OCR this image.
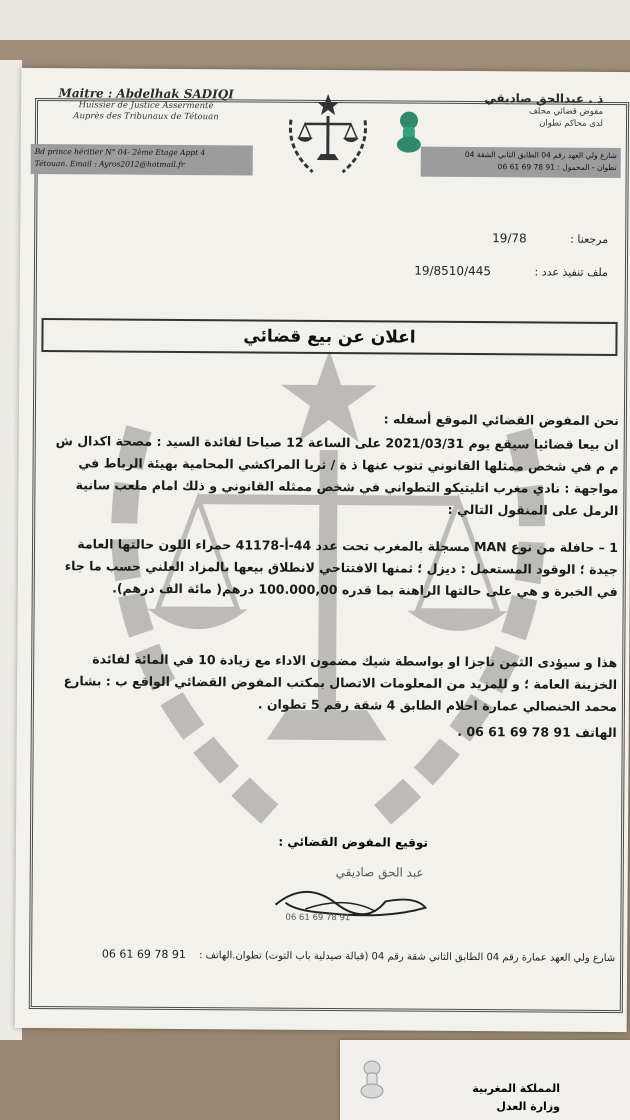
Maitre : Abdelhak SADIQI
Huissier de Justice Assermenté
Auprès des Tribunaux de Tétouan
Bd prince héritier N° 04- 2ème Etage Appt 4
Tétouan. Email : Ayros2012@hotmail.fr
ذ . عبدالحق صاديقي
مفوض قضائي محلف
لدى محاكم تطوان
شارع ولي العهد رقم 04 الطابق الثاني الشقة 04
تطوان - المحمول : 91 78 69 61 06
مرجعنا : 19/78
ملف تنفيذ عدد : 19/8510/445
اعلان عن بيع قضائي
نحن المفوض القضائي الموقع أسفله :
ان بيعا قضائيا سيقع يوم 2021/03/31 على الساعة 12 صباحا لفائدة السيد : مصحة اكدال ش م م في شخص ممثلها القانوني تنوب عنها ذ ة / ثريا المراكشي المحامية بهيئة الرباط في مواجهة : نادي مغرب اتليتيكو التطواني في شخص ممثله القانوني و ذلك امام ملعب سانية الرمل على المنقول التالي :
1 – حافلة من نوع MAN مسجلة بالمغرب تحت عدد 44-أ-41178 حمراء اللون حالتها العامة جيدة ؛ الوقود المستعمل : ديزل ؛ ثمنها الافتتاحي لانطلاق بيعها بالمزاد العلني حسب ما جاء في الخبرة و هي على حالتها الراهنة بما قدره 100.000,00 درهم( مائة الف درهم).
هذا و سيؤدى الثمن ناجزا او بواسطة شيك مضمون الاداء مع زيادة 10 في المائة لفائدة الخزينة العامة ؛ و للمزيد من المعلومات الاتصال بمكتب المفوض القضائي الواقع ب : بشارع محمد الحنصالي عمارة احلام الطابق 4 شقة رقم 5 تطوان .
الهاتف 91 78 69 61 06 .
توقيع المفوض القضائي :
عبد الحق صاديقي
06 61 69 78 91
شارع ولي العهد عمارة رقم 04 الطابق الثاني شقة رقم 04 (قبالة صيدلية باب التوت) تطوان.الهاتف : 91 78 69 61 06
المملكة المغربية
وزارة العدل
